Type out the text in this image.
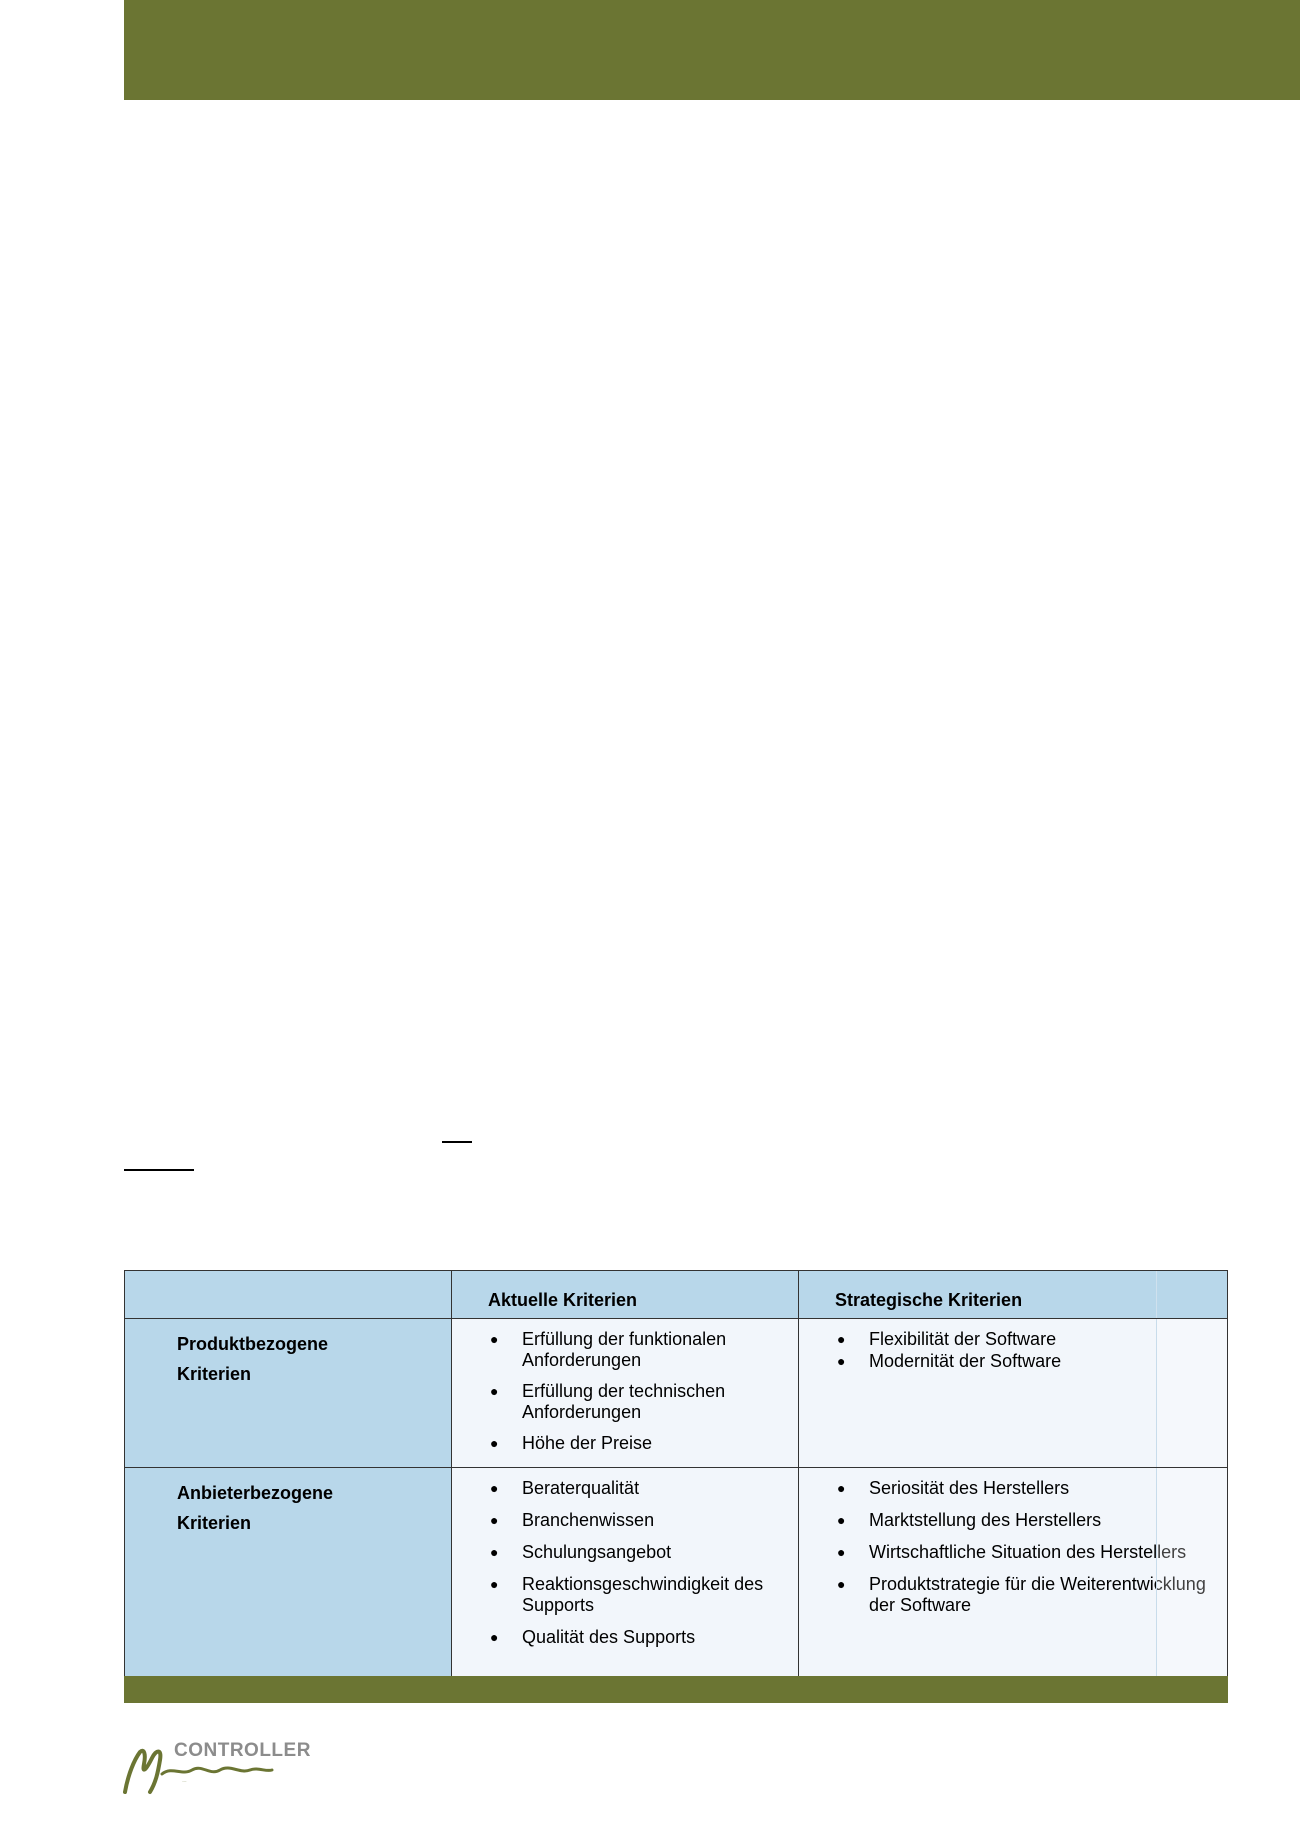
Aktuelle Kriterien	Strategische Kriterien
Produktbezogene
Kriterien
● Erfüllung der funktionalen Anforderungen
● Erfüllung der technischen Anforderungen
● Höhe der Preise
● Flexibilität der Software
● Modernität der Software
Anbieterbezogene
Kriterien
● Beraterqualität
● Branchenwissen
● Schulungsangebot
● Reaktionsgeschwindigkeit des Supports
● Qualität des Supports
● Seriosität des Herstellers
● Marktstellung des Herstellers
● Wirtschaftliche Situation des Herstellers
● Produktstrategie für die Weiterentwicklung der Software
CONTROLLER
Magazin
